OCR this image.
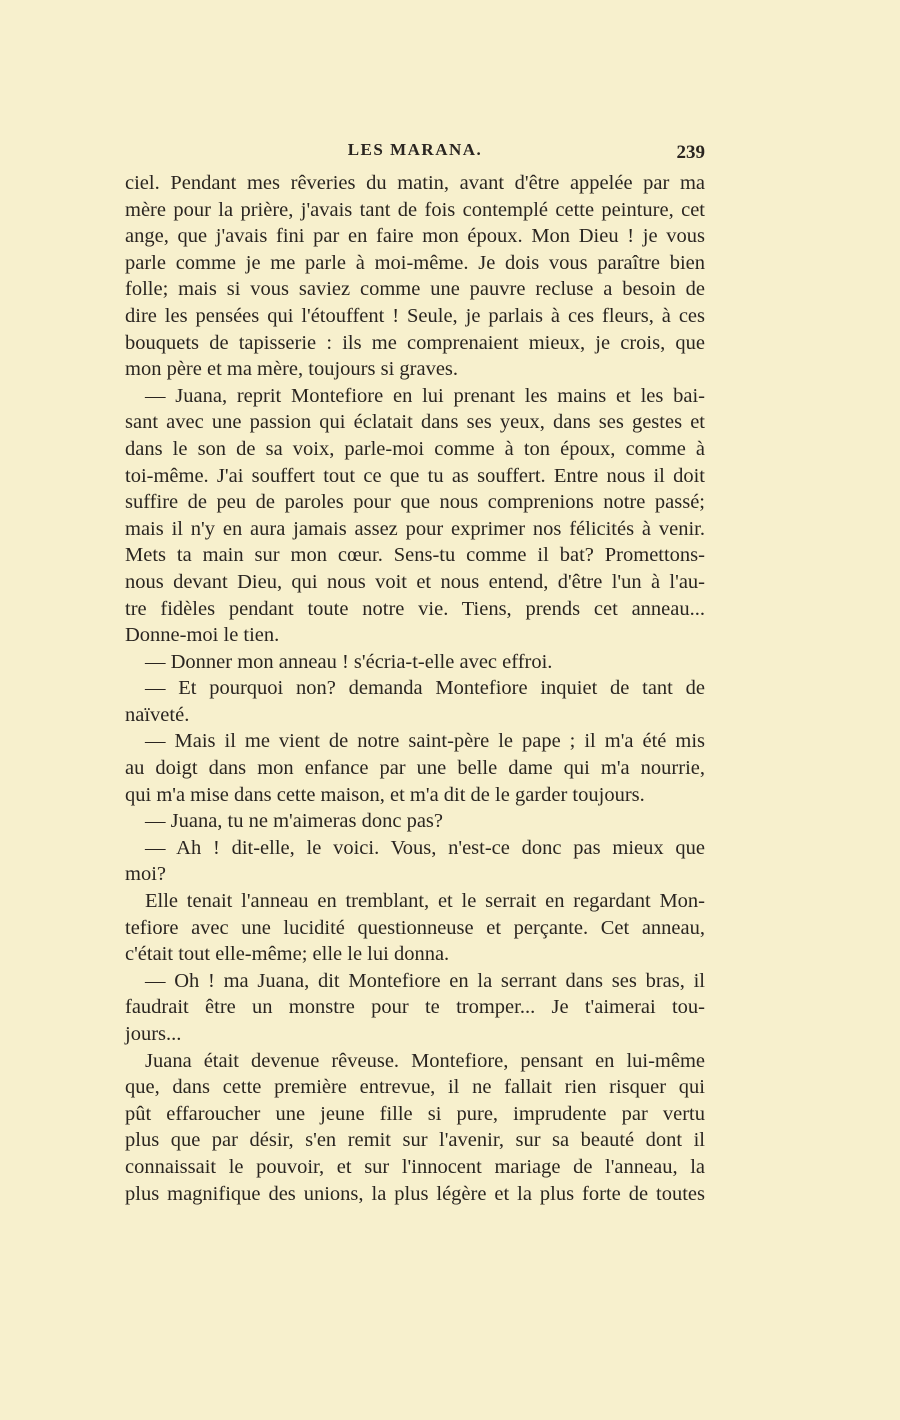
LES MARANA.	239
ciel. Pendant mes rêveries du matin, avant d'être appelée par ma
mère pour la prière, j'avais tant de fois contemplé cette peinture, cet
ange, que j'avais fini par en faire mon époux. Mon Dieu ! je vous
parle comme je me parle à moi-même. Je dois vous paraître bien
folle; mais si vous saviez comme une pauvre recluse a besoin de
dire les pensées qui l'étouffent ! Seule, je parlais à ces fleurs, à ces
bouquets de tapisserie : ils me comprenaient mieux, je crois, que
mon père et ma mère, toujours si graves.
— Juana, reprit Montefiore en lui prenant les mains et les bai-
sant avec une passion qui éclatait dans ses yeux, dans ses gestes et
dans le son de sa voix, parle-moi comme à ton époux, comme à
toi-même. J'ai souffert tout ce que tu as souffert. Entre nous il doit
suffire de peu de paroles pour que nous comprenions notre passé;
mais il n'y en aura jamais assez pour exprimer nos félicités à venir.
Mets ta main sur mon cœur. Sens-tu comme il bat? Promettons-
nous devant Dieu, qui nous voit et nous entend, d'être l'un à l'au-
tre fidèles pendant toute notre vie. Tiens, prends cet anneau...
Donne-moi le tien.
— Donner mon anneau ! s'écria-t-elle avec effroi.
— Et pourquoi non? demanda Montefiore inquiet de tant de
naïveté.
— Mais il me vient de notre saint-père le pape ; il m'a été mis
au doigt dans mon enfance par une belle dame qui m'a nourrie,
qui m'a mise dans cette maison, et m'a dit de le garder toujours.
— Juana, tu ne m'aimeras donc pas?
— Ah ! dit-elle, le voici. Vous, n'est-ce donc pas mieux que
moi?
Elle tenait l'anneau en tremblant, et le serrait en regardant Mon-
tefiore avec une lucidité questionneuse et perçante. Cet anneau,
c'était tout elle-même; elle le lui donna.
— Oh ! ma Juana, dit Montefiore en la serrant dans ses bras, il
faudrait être un monstre pour te tromper... Je t'aimerai tou-
jours...
Juana était devenue rêveuse. Montefiore, pensant en lui-même
que, dans cette première entrevue, il ne fallait rien risquer qui
pût effaroucher une jeune fille si pure, imprudente par vertu
plus que par désir, s'en remit sur l'avenir, sur sa beauté dont il
connaissait le pouvoir, et sur l'innocent mariage de l'anneau, la
plus magnifique des unions, la plus légère et la plus forte de toutes
